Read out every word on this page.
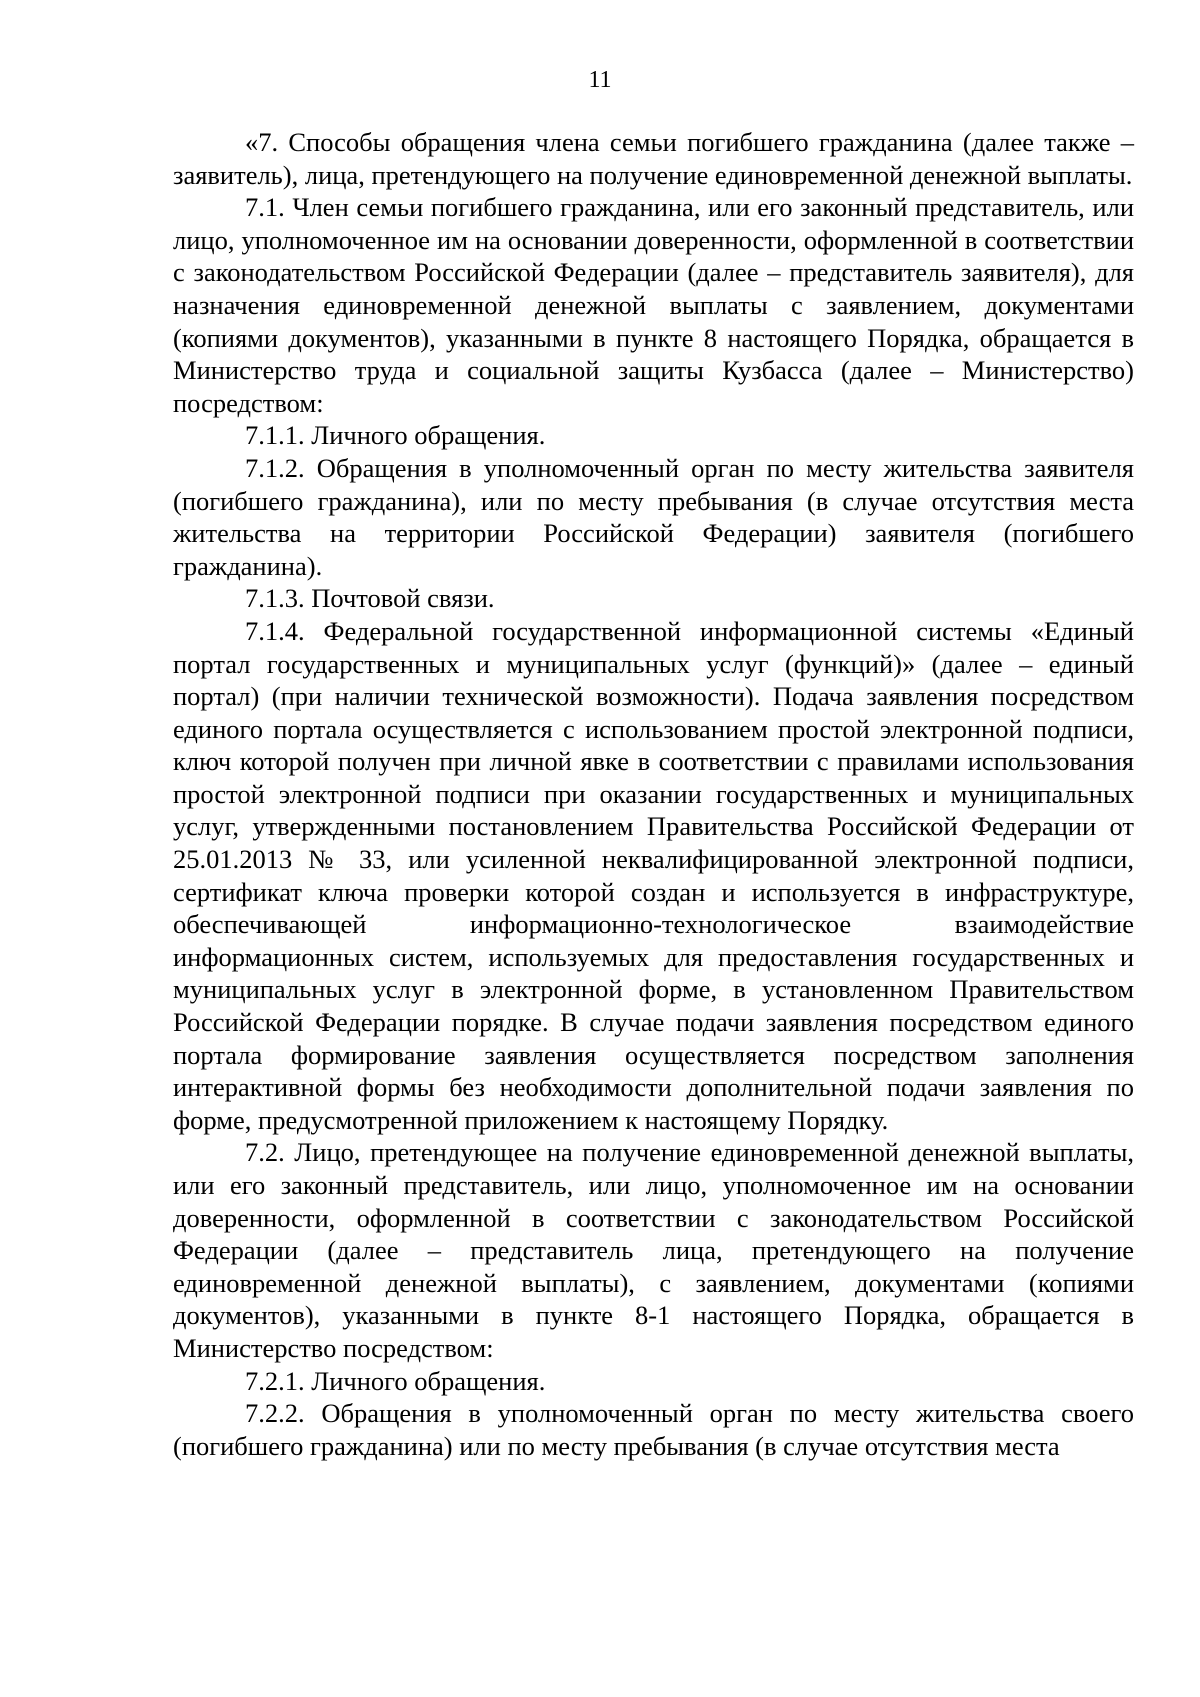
11

«7. Способы обращения члена семьи погибшего гражданина (далее также – заявитель), лица, претендующего на получение единовременной денежной выплаты.

7.1. Член семьи погибшего гражданина, или его законный представитель, или лицо, уполномоченное им на основании доверенности, оформленной в соответствии с законодательством Российской Федерации (далее – представитель заявителя), для назначения единовременной денежной выплаты с заявлением, документами (копиями документов), указанными в пункте 8 настоящего Порядка, обращается в Министерство труда и социальной защиты Кузбасса (далее – Министерство) посредством:

7.1.1. Личного обращения.

7.1.2. Обращения в уполномоченный орган по месту жительства заявителя (погибшего гражданина), или по месту пребывания (в случае отсутствия места жительства на территории Российской Федерации) заявителя (погибшего гражданина).

7.1.3. Почтовой связи.

7.1.4. Федеральной государственной информационной системы «Единый портал государственных и муниципальных услуг (функций)» (далее – единый портал) (при наличии технической возможности). Подача заявления посредством единого портала осуществляется с использованием простой электронной подписи, ключ которой получен при личной явке в соответствии с правилами использования простой электронной подписи при оказании государственных и муниципальных услуг, утвержденными постановлением Правительства Российской Федерации от 25.01.2013 № 33, или усиленной неквалифицированной электронной подписи, сертификат ключа проверки которой создан и используется в инфраструктуре, обеспечивающей информационно-технологическое взаимодействие информационных систем, используемых для предоставления государственных и муниципальных услуг в электронной форме, в установленном Правительством Российской Федерации порядке. В случае подачи заявления посредством единого портала формирование заявления осуществляется посредством заполнения интерактивной формы без необходимости дополнительной подачи заявления по форме, предусмотренной приложением к настоящему Порядку.

7.2. Лицо, претендующее на получение единовременной денежной выплаты, или его законный представитель, или лицо, уполномоченное им на основании доверенности, оформленной в соответствии с законодательством Российской Федерации (далее – представитель лица, претендующего на получение единовременной денежной выплаты), с заявлением, документами (копиями документов), указанными в пункте 8-1 настоящего Порядка, обращается в Министерство посредством:

7.2.1. Личного обращения.

7.2.2. Обращения в уполномоченный орган по месту жительства своего (погибшего гражданина) или по месту пребывания (в случае отсутствия места
